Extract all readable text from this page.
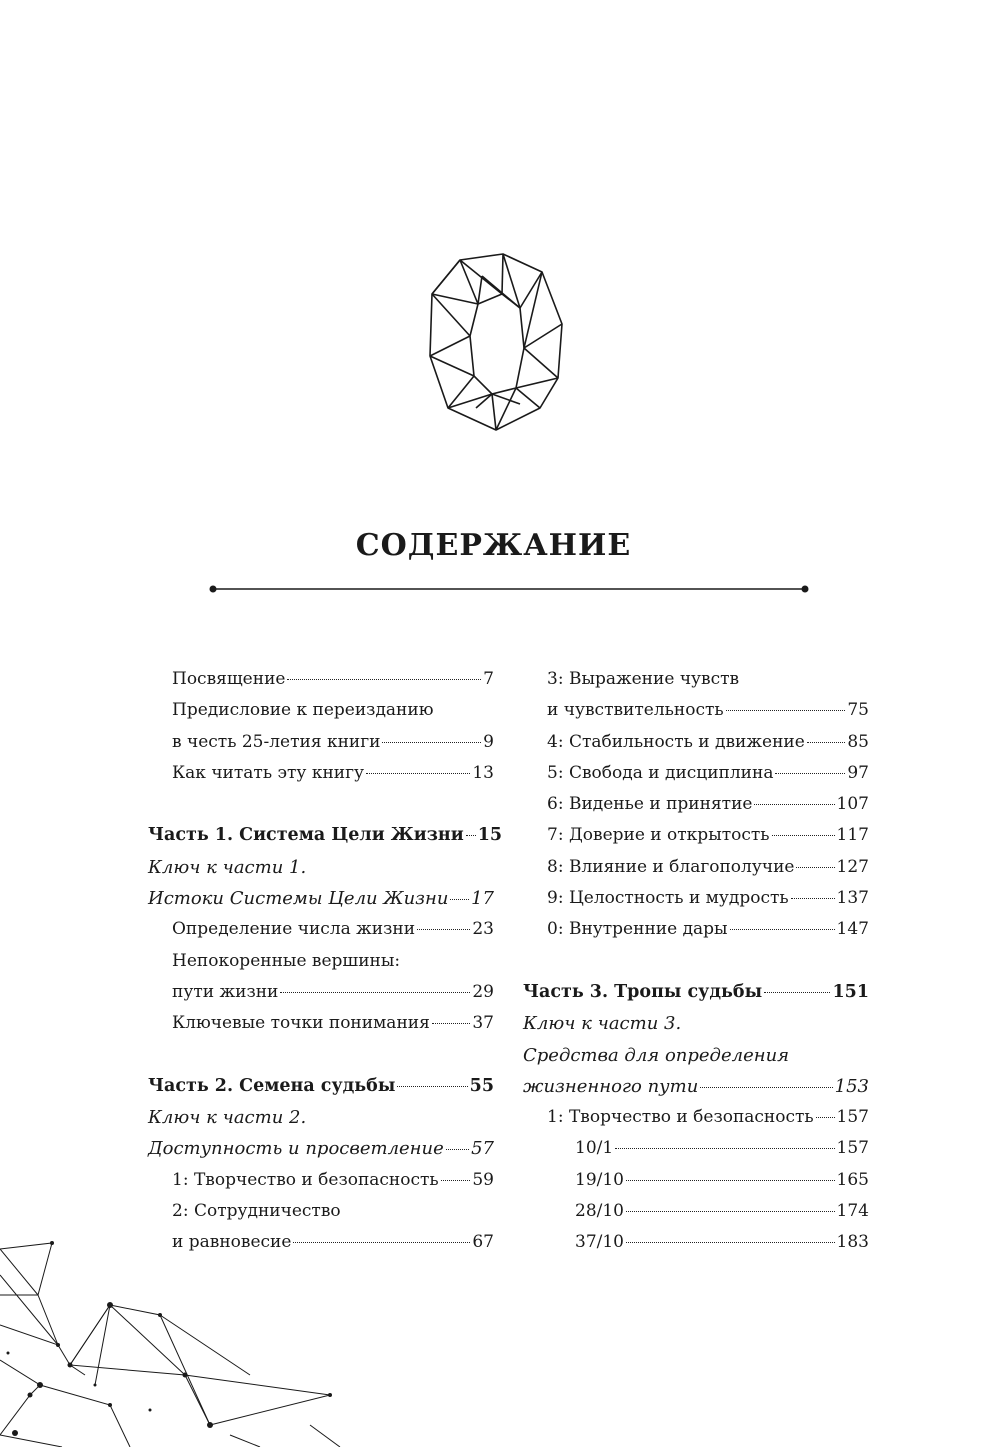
СОДЕРЖАНИЕ
Посвящение	7
Предисловие к переизданию
в честь 25-летия книги	9
Как читать эту книгу	13
Часть 1. Система Цели Жизни 15
Ключ к части 1.
Истоки Системы Цели Жизни 17
Определение числа жизни	23
Непокоренные вершины:
пути жизни	29
Ключевые точки понимания	37
Часть 2. Семена судьбы	55
Ключ к части 2.
Доступность и просветление 57
1: Творчество и безопасность 59
2: Сотрудничество
и равновесие	67
3: Выражение чувств
и чувствительность	75
4: Стабильность и движение	85
5: Свобода и дисциплина	97
6: Виденье и принятие	107
7: Доверие и открытость	117
8: Влияние и благополучие 127
9: Целостность и мудрость	137
0: Внутренние дары	147
Часть 3. Тропы судьбы	151
Ключ к части 3.
Средства для определения
жизненного пути	153
1: Творчество и безопасность 157
10/1	157
19/10	165
28/10	174
37/10	183
